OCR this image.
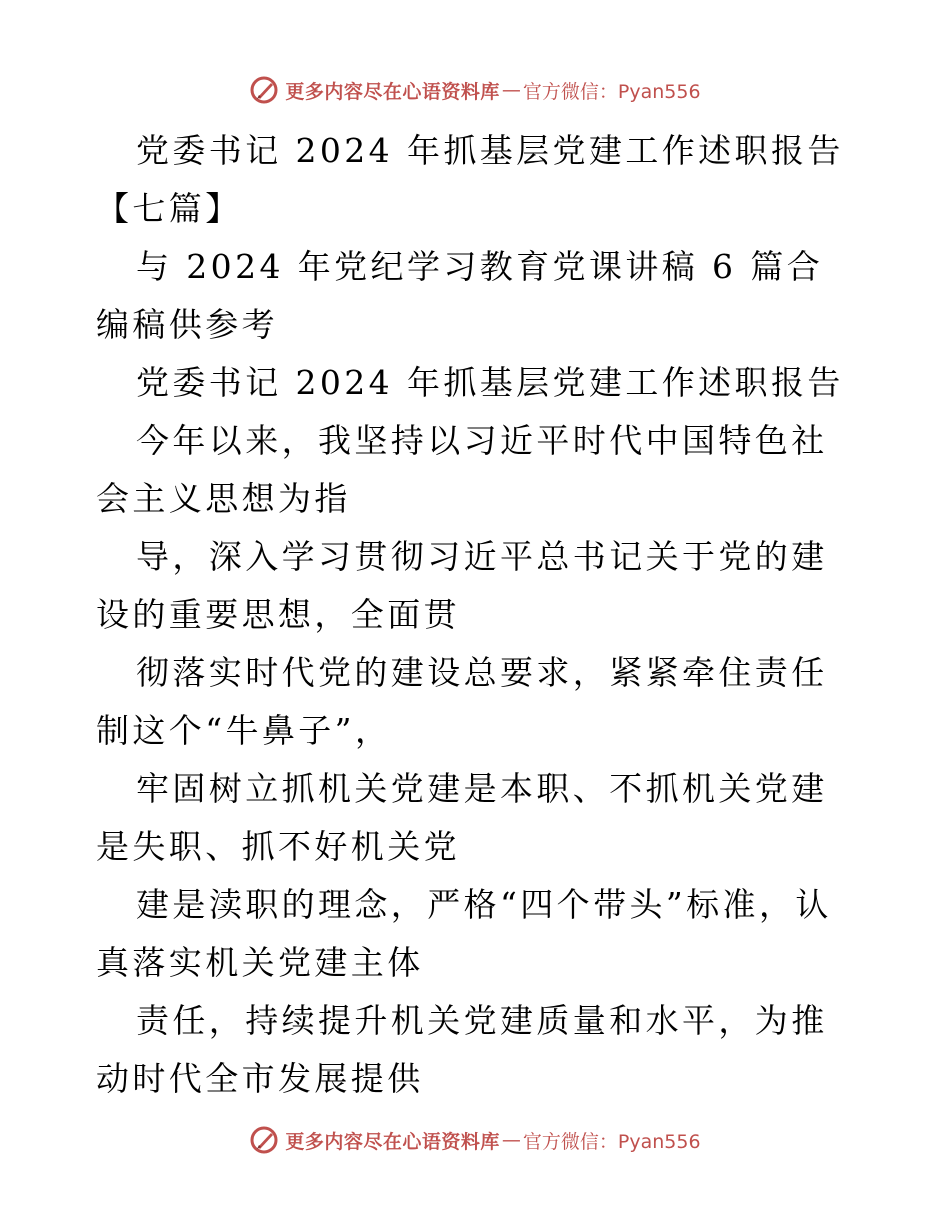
更多内容尽在心语资料库 — 官方微信：Pyan556

党委书记 2024 年抓基层党建工作述职报告【七篇】

与 2024 年党纪学习教育党课讲稿 6 篇合编稿供参考

党委书记 2024 年抓基层党建工作述职报告

今年以来，我坚持以习近平时代中国特色社会主义思想为指

导，深入学习贯彻习近平总书记关于党的建设的重要思想，全面贯

彻落实时代党的建设总要求，紧紧牵住责任制这个“牛鼻子”，

牢固树立抓机关党建是本职、不抓机关党建是失职、抓不好机关党

建是渎职的理念，严格“四个带头”标准，认真落实机关党建主体

责任，持续提升机关党建质量和水平，为推动时代全市发展提供

更多内容尽在心语资料库 — 官方微信：Pyan556
